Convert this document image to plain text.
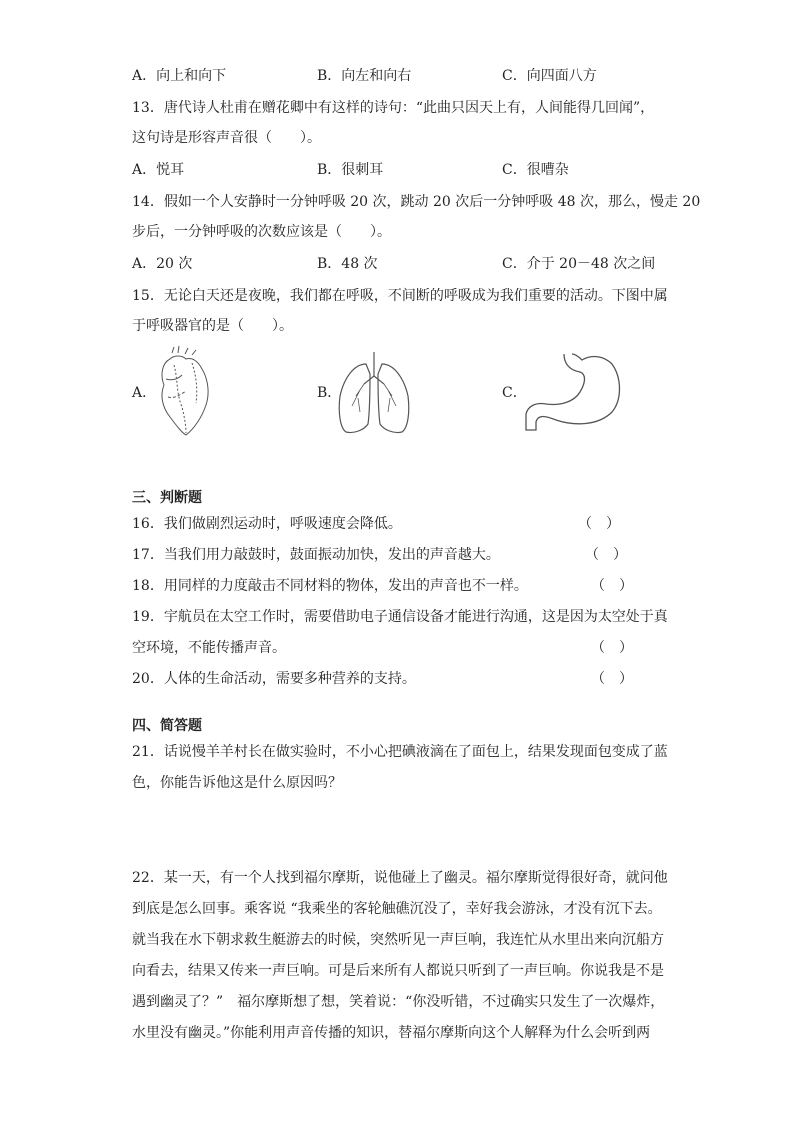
A．向上和向下	B．向左和向右	C．向四面八方
13．唐代诗人杜甫在赠花卿中有这样的诗句：“此曲只因天上有，人间能得几回闻”，
这句诗是形容声音很（　　）。
A．悦耳	B．很刺耳	C．很嘈杂
14．假如一个人安静时一分钟呼吸 20 次，跳动 20 次后一分钟呼吸 48 次，那么，慢走 20
步后，一分钟呼吸的次数应该是（　　）。
A．20 次	B．48 次	C．介于 20－48 次之间
15．无论白天还是夜晚，我们都在呼吸，不间断的呼吸成为我们重要的活动。下图中属
于呼吸器官的是（　　）。
A．	B．	C．
三、判断题
16．我们做剧烈运动时，呼吸速度会降低。	（　）
17．当我们用力敲鼓时，鼓面振动加快，发出的声音越大。	（　）
18．用同样的力度敲击不同材料的物体，发出的声音也不一样。	（　）
19．宇航员在太空工作时，需要借助电子通信设备才能进行沟通，这是因为太空处于真
空环境，不能传播声音。	（　）
20．人体的生命活动，需要多种营养的支持。	（　）
四、简答题
21．话说慢羊羊村长在做实验时，不小心把碘液滴在了面包上，结果发现面包变成了蓝
色，你能告诉他这是什么原因吗？
22．某一天，有一个人找到福尔摩斯，说他碰上了幽灵。福尔摩斯觉得很好奇，就问他
到底是怎么回事。乘客说 “我乘坐的客轮触礁沉没了，幸好我会游泳，才没有沉下去。
就当我在水下朝求救生艇游去的时候，突然听见一声巨响，我连忙从水里出来向沉船方
向看去，结果又传来一声巨响。可是后来所有人都说只听到了一声巨响。你说我是不是
遇到幽灵了？”　福尔摩斯想了想，笑着说：“你没听错，不过确实只发生了一次爆炸，
水里没有幽灵。”你能利用声音传播的知识，替福尔摩斯向这个人解释为什么会听到两
